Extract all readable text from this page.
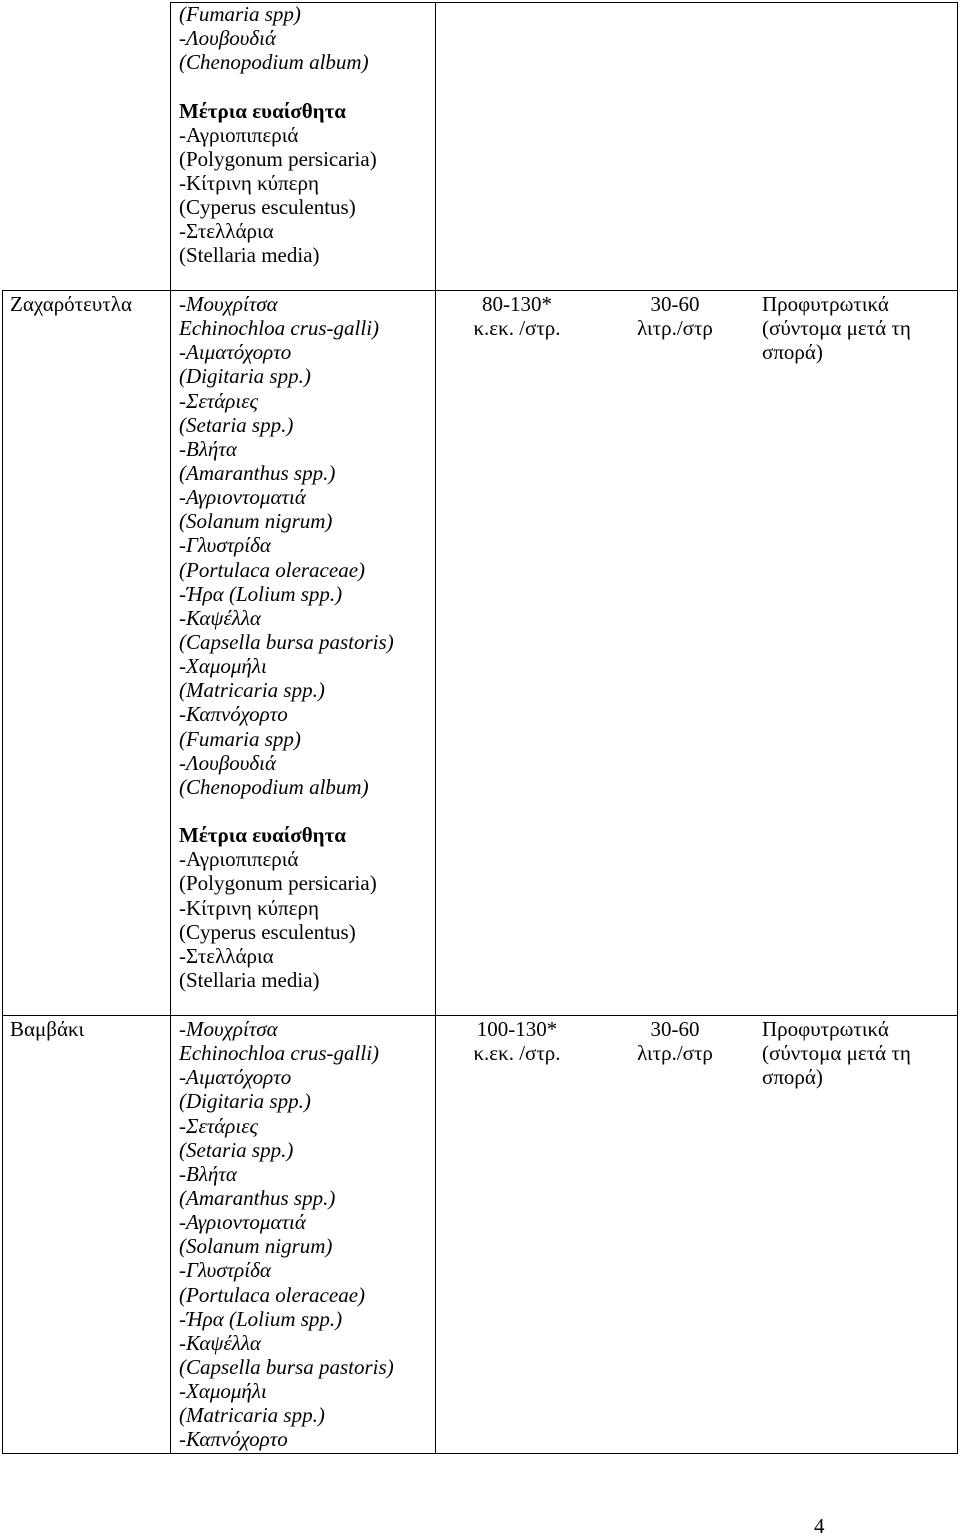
(Fumaria spp)
-Λουβουδιά
(Chenopodium album)
Μέτρια ευαίσθητα
-Αγριοπιπεριά
(Polygonum persicaria)
-Κίτρινη κύπερη
(Cyperus esculentus)
-Στελλάρια
(Stellaria media)
Ζαχαρότευτλα -Μουχρίτσα
Echinochloa crus-galli)
-Αιματόχορτο
(Digitaria spp.)
-Σετάριες
(Setaria spp.)
-Βλήτα
(Amaranthus spp.)
-Αγριοντοματιά
(Solanum nigrum)
-Γλυστρίδα
(Portulaca oleraceae)
-Ήρα (Lolium spp.)
-Καψέλλα
(Capsella bursa pastoris)
-Χαμομήλι
(Matricaria spp.)
-Καπνόχορτο
(Fumaria spp)
-Λουβουδιά
(Chenopodium album)
Μέτρια ευαίσθητα
-Αγριοπιπεριά
(Polygonum persicaria)
-Κίτρινη κύπερη
(Cyperus esculentus)
-Στελλάρια
(Stellaria media)
80-130*
κ.εκ. /στρ.
30-60
λιτρ./στρ
Προφυτρωτικά
(σύντομα μετά τη
σπορά)
Βαμβάκι	-Μουχρίτσα
Echinochloa crus-galli)
-Αιματόχορτο
(Digitaria spp.)
-Σετάριες
(Setaria spp.)
-Βλήτα
(Amaranthus spp.)
-Αγριοντοματιά
(Solanum nigrum)
-Γλυστρίδα
(Portulaca oleraceae)
-Ήρα (Lolium spp.)
-Καψέλλα
(Capsella bursa pastoris)
-Χαμομήλι
(Matricaria spp.)
-Καπνόχορτο
100-130*
κ.εκ. /στρ.
30-60
λιτρ./στρ
Προφυτρωτικά
(σύντομα μετά τη
σπορά)
4
